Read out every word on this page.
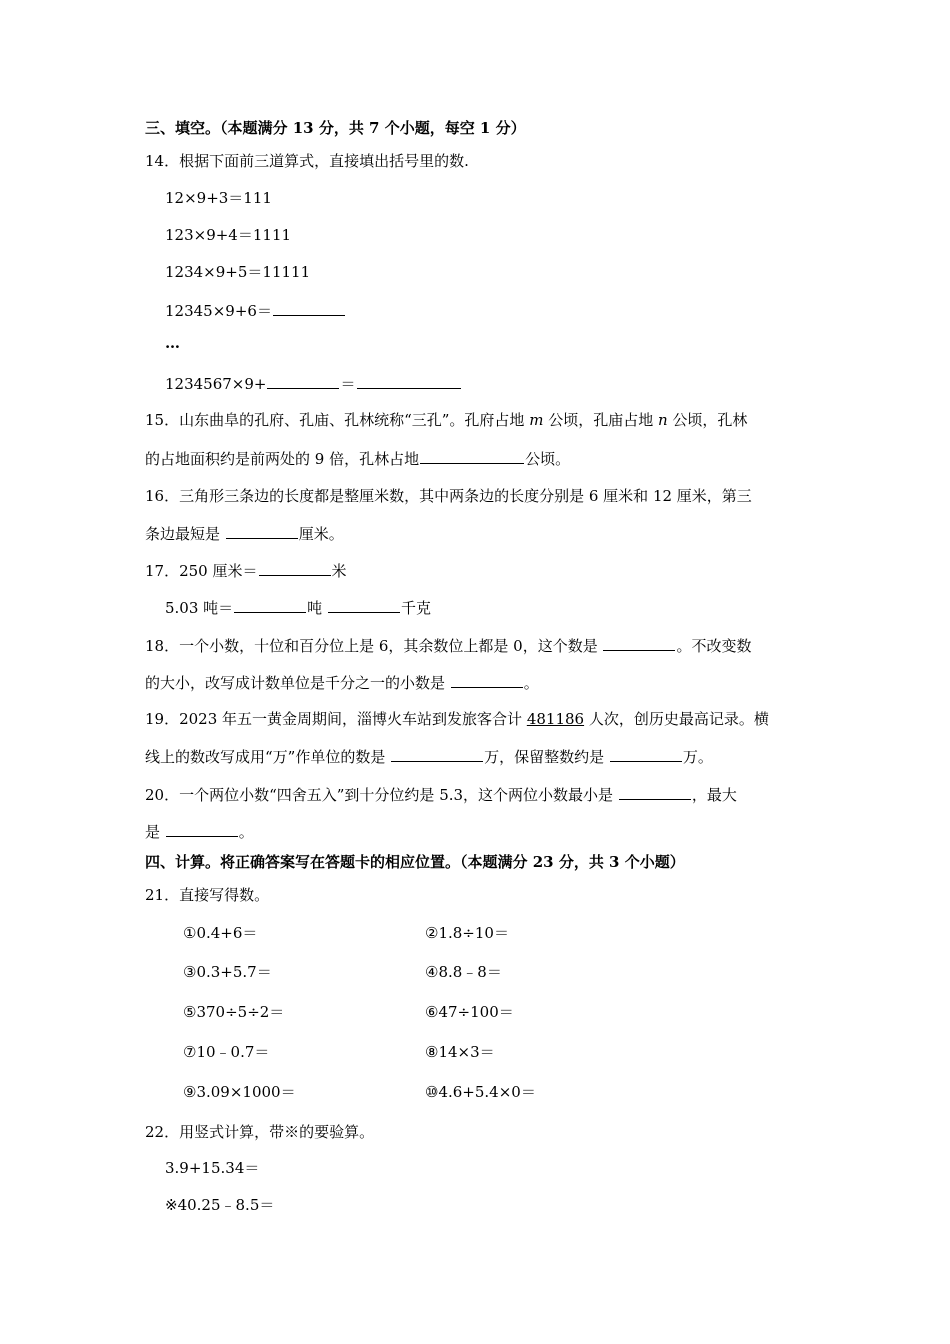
三、填空。（本题满分 13 分，共 7 个小题，每空 1 分）
14．根据下面前三道算式，直接填出括号里的数.
12×9+3＝111
123×9+4＝1111
1234×9+5＝11111
12345×9+6＝
…
1234567×9+	＝
15．山东曲阜的孔府、孔庙、孔林统称“三孔”。孔府占地 m 公顷，孔庙占地 n 公顷，孔林
的占地面积约是前两处的 9 倍，孔林占地	公顷。
16．三角形三条边的长度都是整厘米数，其中两条边的长度分别是 6 厘米和 12 厘米，第三
条边最短是	厘米。
17．250 厘米＝	米
5.03 吨＝	吨	千克
18．一个小数，十位和百分位上是 6，其余数位上都是 0，这个数是	。不改变数
的大小，改写成计数单位是千分之一的小数是	。
19．2023 年五一黄金周期间，淄博火车站到发旅客合计 481186 人次，创历史最高记录。横
线上的数改写成用“万”作单位的数是	万，保留整数约是	万。
20．一个两位小数“四舍五入”到十分位约是 5.3，这个两位小数最小是	，最大
是	。
四、计算。将正确答案写在答题卡的相应位置。（本题满分 23 分，共 3 个小题）
21．直接写得数。
①0.4+6＝	②1.8÷10＝
③0.3+5.7＝	④8.8﹣8＝
⑤370÷5÷2＝	⑥47÷100＝
⑦10﹣0.7＝	⑧14×3＝
⑨3.09×1000＝	⑩4.6+5.4×0＝
22．用竖式计算，带※的要验算。
3.9+15.34＝
※40.25﹣8.5＝
